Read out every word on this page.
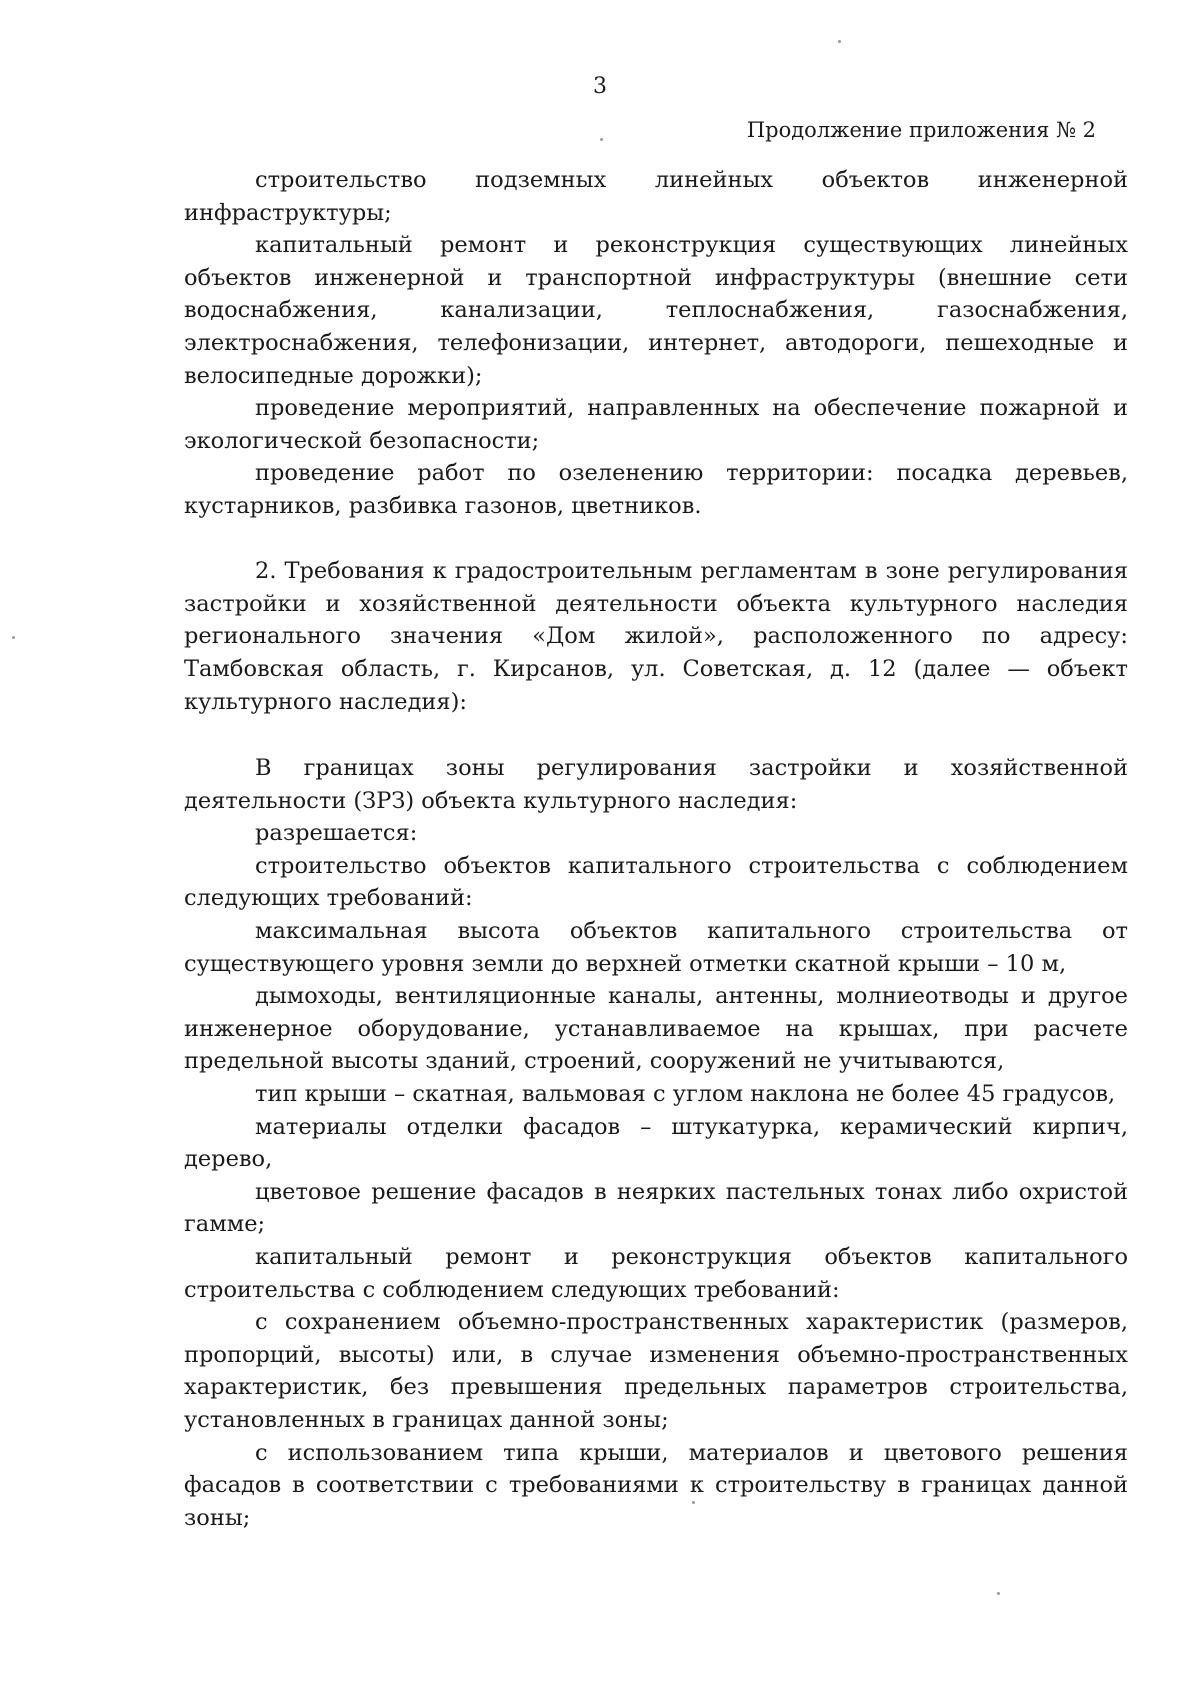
3
Продолжение приложения № 2

строительство подземных линейных объектов инженерной инфраструктуры;

капитальный ремонт и реконструкция существующих линейных объектов инженерной и транспортной инфраструктуры (внешние сети водоснабжения, канализации, теплоснабжения, газоснабжения, электроснабжения, телефонизации, интернет, автодороги, пешеходные и велосипедные дорожки);

проведение мероприятий, направленных на обеспечение пожарной и экологической безопасности;

проведение работ по озеленению территории: посадка деревьев, кустарников, разбивка газонов, цветников.

2. Требования к градостроительным регламентам в зоне регулирования застройки и хозяйственной деятельности объекта культурного наследия регионального значения «Дом жилой», расположенного по адресу: Тамбовская область, г. Кирсанов, ул. Советская, д. 12 (далее — объект культурного наследия):

В границах зоны регулирования застройки и хозяйственной деятельности (ЗРЗ) объекта культурного наследия:

разрешается:

строительство объектов капитального строительства с соблюдением следующих требований:

максимальная высота объектов капитального строительства от существующего уровня земли до верхней отметки скатной крыши – 10 м,

дымоходы, вентиляционные каналы, антенны, молниеотводы и другое инженерное оборудование, устанавливаемое на крышах, при расчете предельной высоты зданий, строений, сооружений не учитываются,

тип крыши – скатная, вальмовая с углом наклона не более 45 градусов,

материалы отделки фасадов – штукатурка, керамический кирпич, дерево,

цветовое решение фасадов в неярких пастельных тонах либо охристой гамме;

капитальный ремонт и реконструкция объектов капитального строительства с соблюдением следующих требований:

с сохранением объемно-пространственных характеристик (размеров, пропорций, высоты) или, в случае изменения объемно-пространственных характеристик, без превышения предельных параметров строительства, установленных в границах данной зоны;

с использованием типа крыши, материалов и цветового решения фасадов в соответствии с требованиями к строительству в границах данной зоны;
